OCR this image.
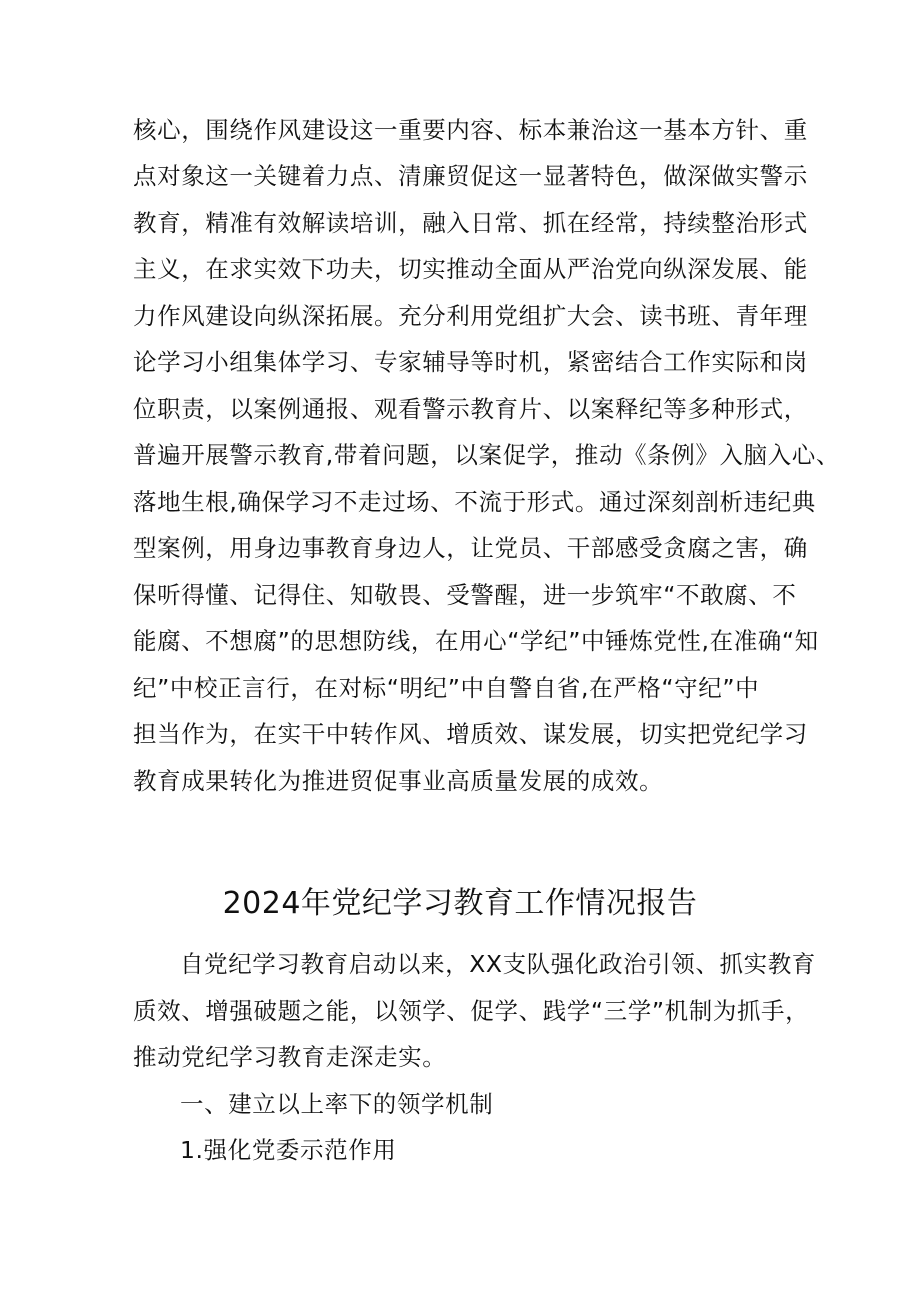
核心，围绕作风建设这一重要内容、标本兼治这一基本方针、重
点对象这一关键着力点、清廉贸促这一显著特色，做深做实警示
教育，精准有效解读培训，融入日常、抓在经常，持续整治形式
主义，在求实效下功夫，切实推动全面从严治党向纵深发展、能
力作风建设向纵深拓展。充分利用党组扩大会、读书班、青年理
论学习小组集体学习、专家辅导等时机，紧密结合工作实际和岗
位职责，以案例通报、观看警示教育片、以案释纪等多种形式，
普遍开展警示教育,带着问题，以案促学，推动《条例》入脑入心、
落地生根,确保学习不走过场、不流于形式。通过深刻剖析违纪典
型案例，用身边事教育身边人，让党员、干部感受贪腐之害，确
保听得懂、记得住、知敬畏、受警醒，进一步筑牢“不敢腐、不
能腐、不想腐”的思想防线，在用心“学纪”中锤炼党性,在准确“知
纪”中校正言行，在对标“明纪”中自警自省,在严格“守纪”中
担当作为，在实干中转作风、增质效、谋发展，切实把党纪学习
教育成果转化为推进贸促事业高质量发展的成效。
2024年党纪学习教育工作情况报告
自党纪学习教育启动以来，XX支队强化政治引领、抓实教育
质效、增强破题之能，以领学、促学、践学“三学”机制为抓手，
推动党纪学习教育走深走实。
一、建立以上率下的领学机制
1.强化党委示范作用
